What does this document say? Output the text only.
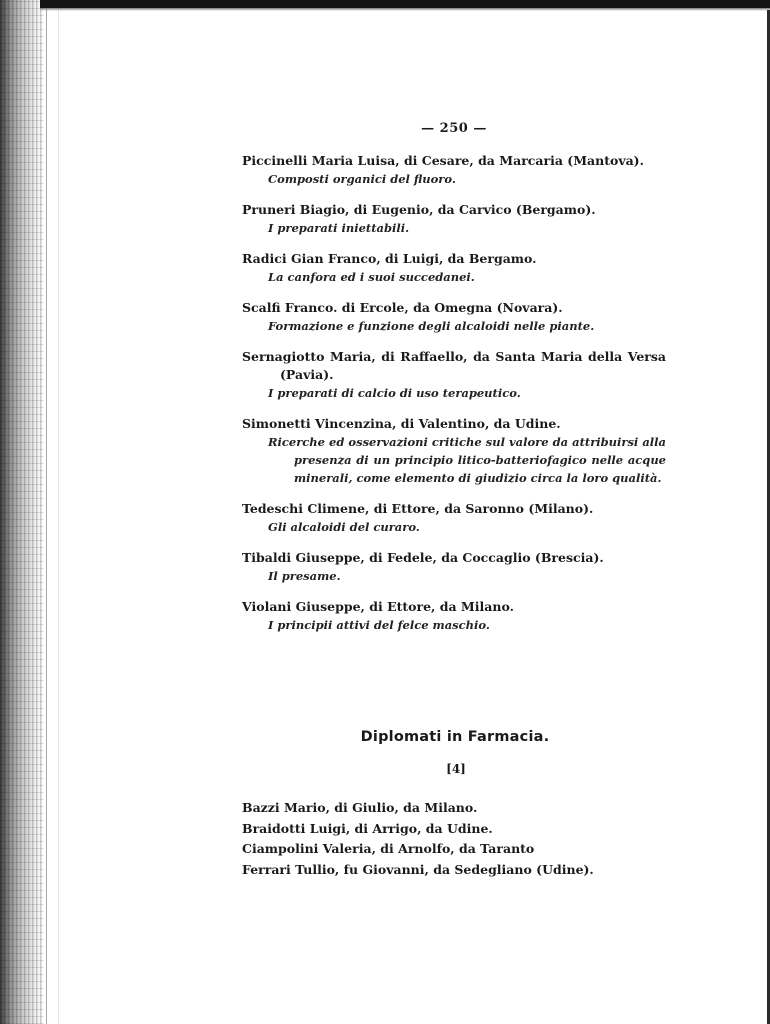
— 250 —
Piccinelli Maria Luisa, di Cesare, da Marcaria (Mantova).
Composti organici del fluoro.
Pruneri Biagio, di Eugenio, da Carvico (Bergamo).
I preparati iniettabili.
Radici Gian Franco, di Luigi, da Bergamo.
La canfora ed i suoi succedanei.
Scalfi Franco. di Ercole, da Omegna (Novara).
Formazione e funzione degli alcaloidi nelle piante.
Sernagiotto Maria, di Raffaello, da Santa Maria della Versa (Pavia).
I preparati di calcio di uso terapeutico.
Simonetti Vincenzina, di Valentino, da Udine.
Ricerche ed osservazioni critiche sul valore da attribuirsi alla presenza di un principio litico-batteriofagico nelle acque minerali, come elemento di giudizio circa la loro qualità.
Tedeschi Climene, di Ettore, da Saronno (Milano).
Gli alcaloidi del curaro.
Tibaldi Giuseppe, di Fedele, da Coccaglio (Brescia).
Il presame.
Violani Giuseppe, di Ettore, da Milano.
I principii attivi del felce maschio.
Diplomati in Farmacia.
[4]
Bazzi Mario, di Giulio, da Milano.
Braidotti Luigi, di Arrigo, da Udine.
Ciampolini Valeria, di Arnolfo, da Taranto
Ferrari Tullio, fu Giovanni, da Sedegliano (Udine).
